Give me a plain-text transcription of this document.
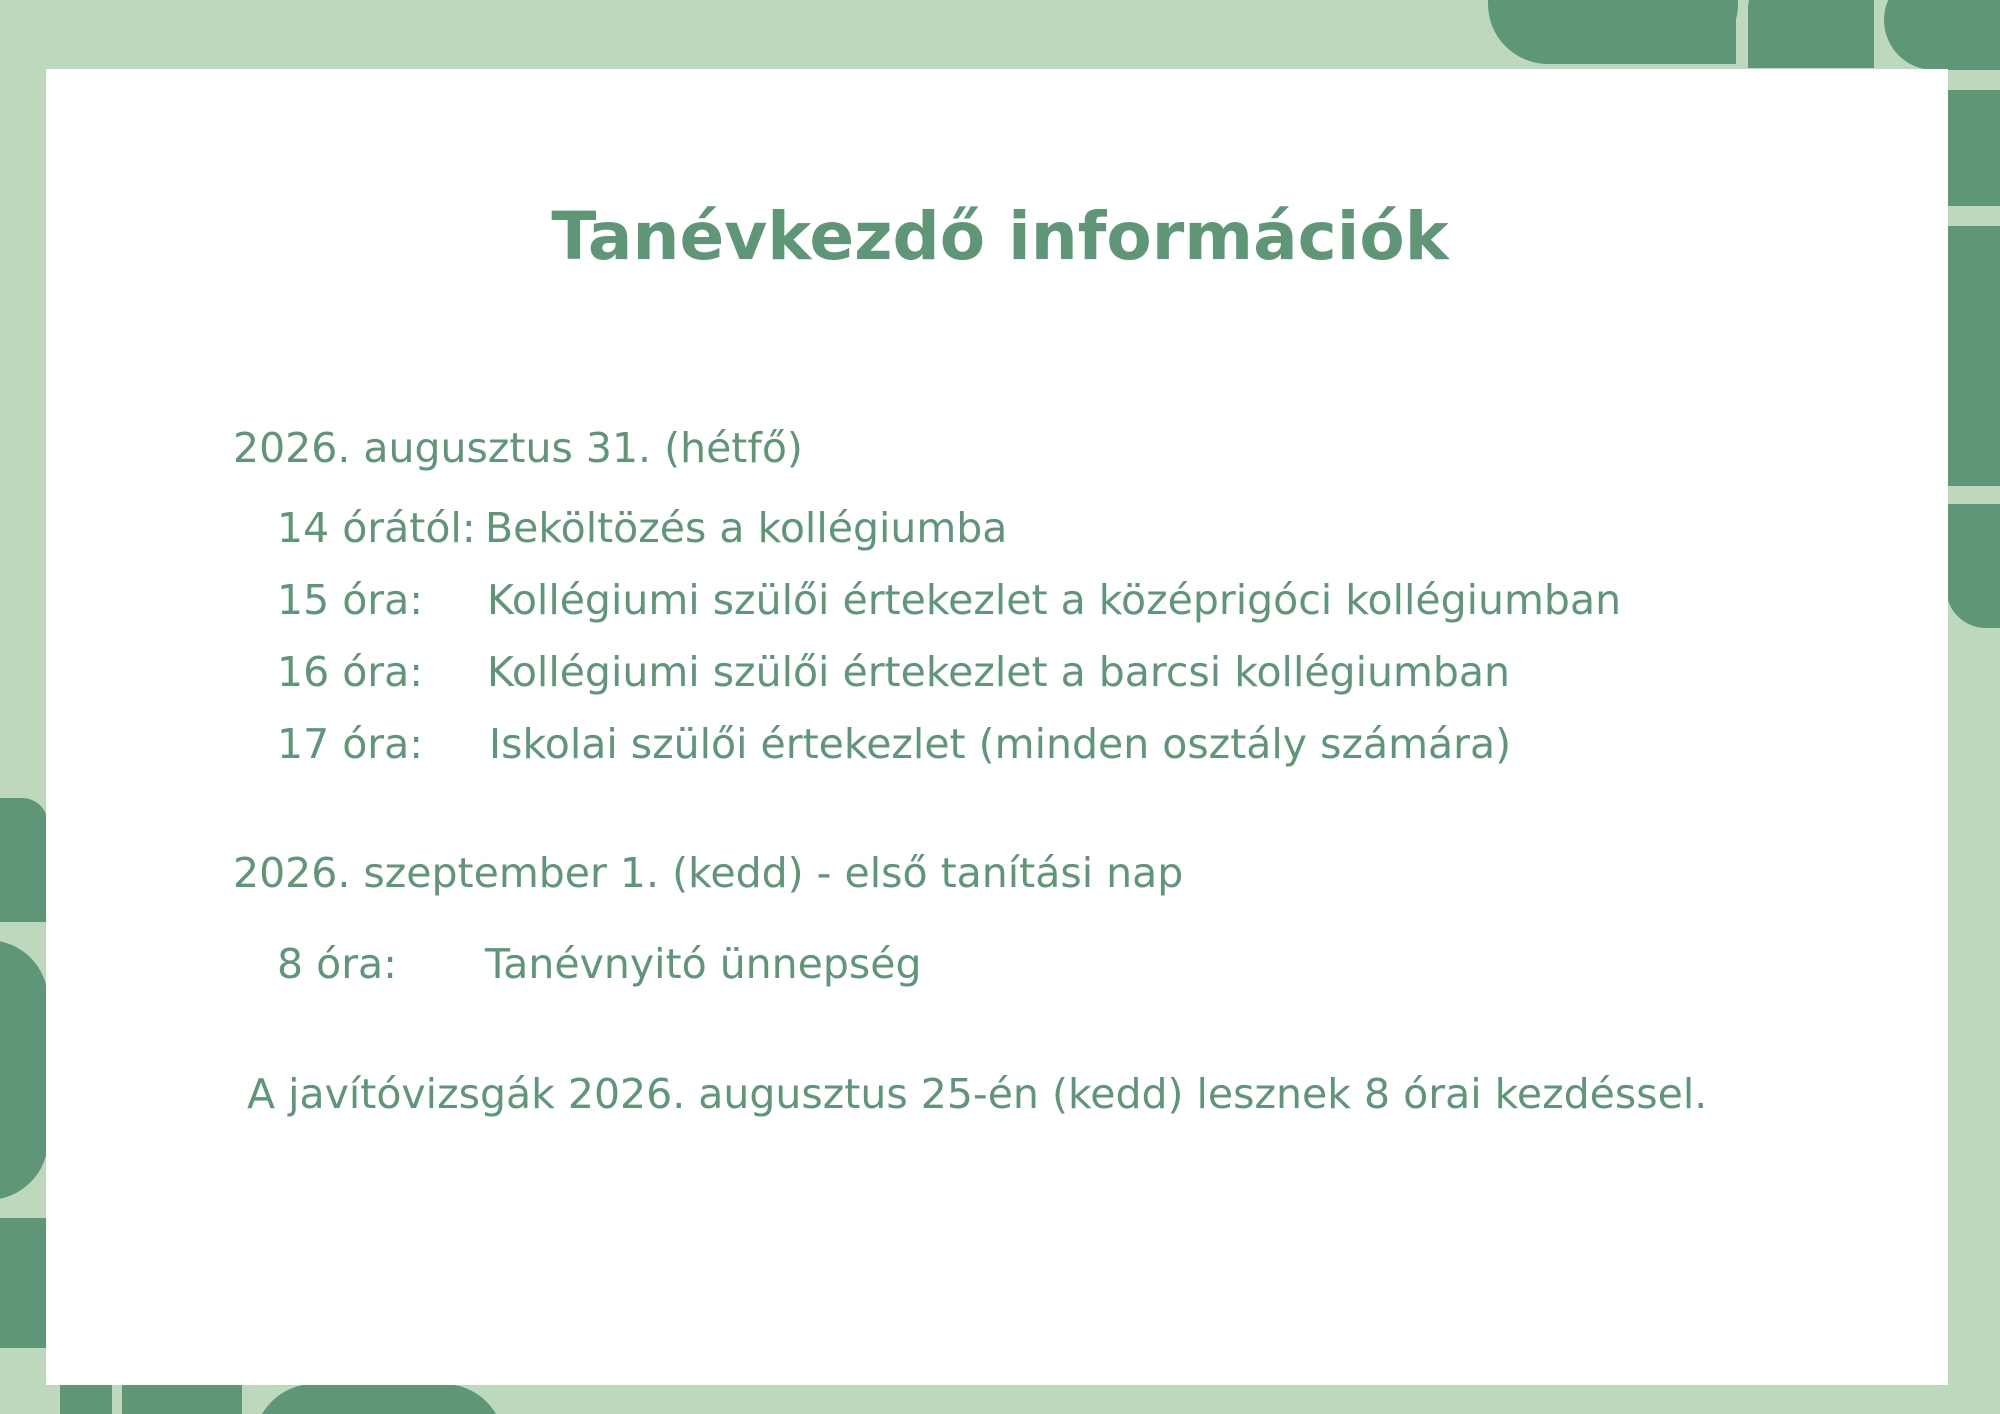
Tanévkezdő információk
2026. augusztus 31. (hétfő)
14 órától: Beköltözés a kollégiumba
15 óra: Kollégiumi szülői értekezlet a középrigóci kollégiumban
16 óra: Kollégiumi szülői értekezlet a barcsi kollégiumban
17 óra: Iskolai szülői értekezlet (minden osztály számára)
2026. szeptember 1. (kedd) - első tanítási nap
8 óra: Tanévnyitó ünnepség
A javítóvizsgák 2026. augusztus 25-én (kedd) lesznek 8 órai kezdéssel.
